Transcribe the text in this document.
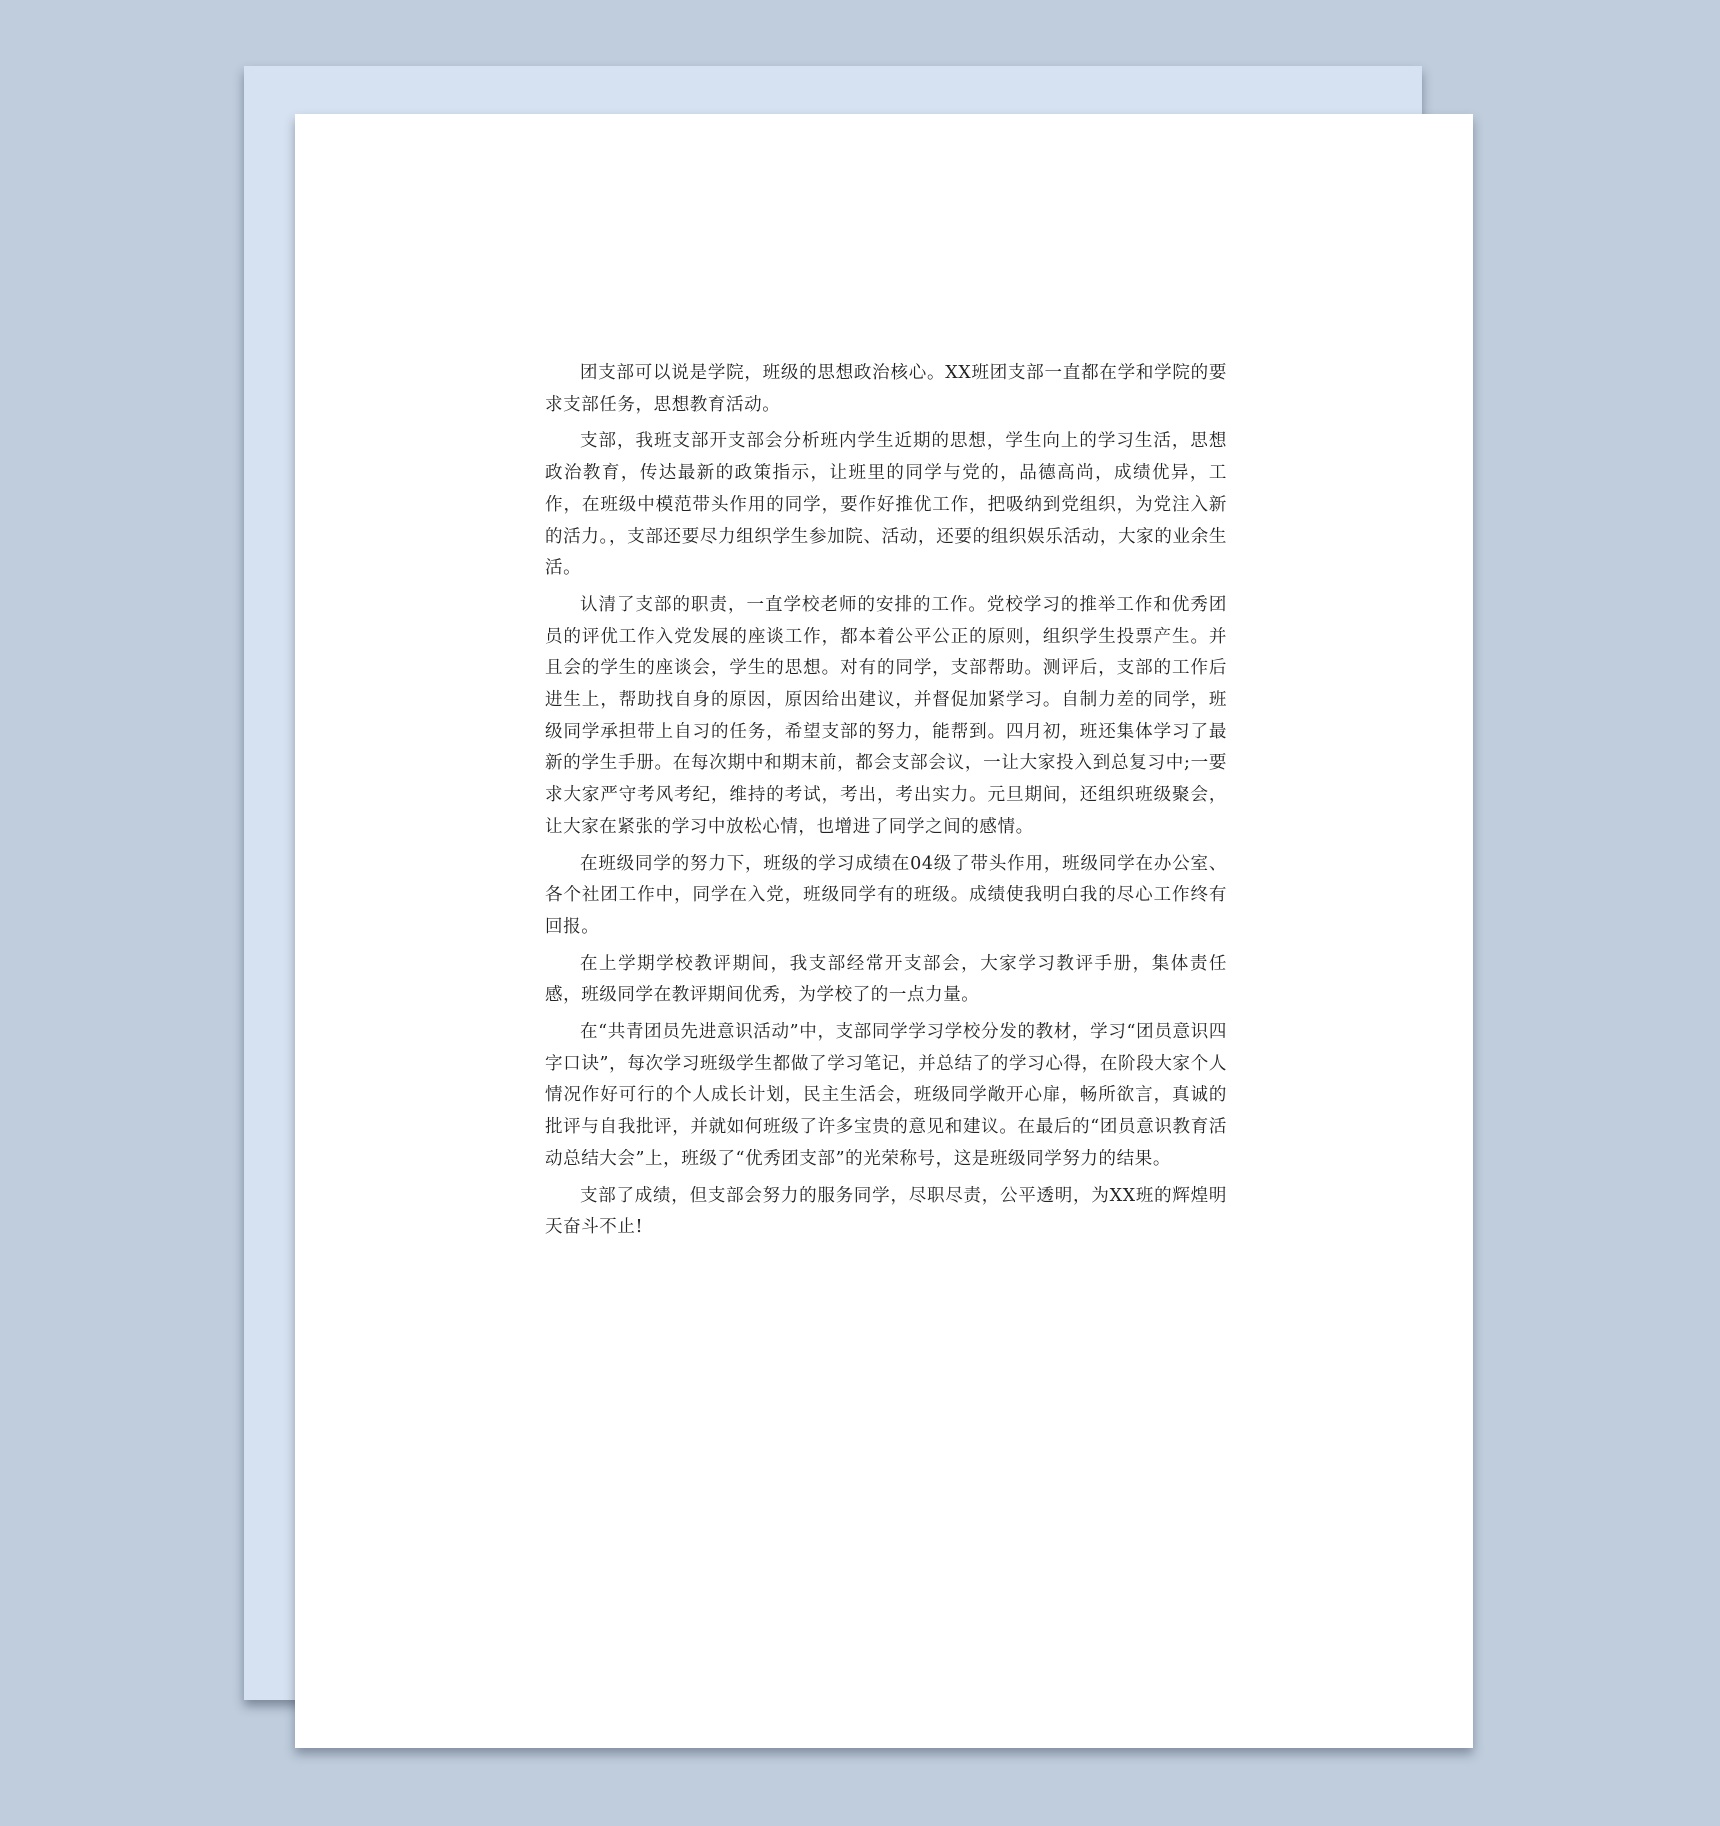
团支部可以说是学院，班级的思想政治核心。XX班团支部一直都在学和学院的要求支部任务，思想教育活动。

支部，我班支部开支部会分析班内学生近期的思想，学生向上的学习生活，思想政治教育，传达最新的政策指示，让班里的同学与党的，品德高尚，成绩优异，工作，在班级中模范带头作用的同学，要作好推优工作，把吸纳到党组织，为党注入新的活力。，支部还要尽力组织学生参加院、活动，还要的组织娱乐活动，大家的业余生活。

认清了支部的职责，一直学校老师的安排的工作。党校学习的推举工作和优秀团员的评优工作入党发展的座谈工作，都本着公平公正的原则，组织学生投票产生。并且会的学生的座谈会，学生的思想。对有的同学，支部帮助。测评后，支部的工作后进生上，帮助找自身的原因，原因给出建议，并督促加紧学习。自制力差的同学，班级同学承担带上自习的任务，希望支部的努力，能帮到。四月初，班还集体学习了最新的学生手册。在每次期中和期末前，都会支部会议，一让大家投入到总复习中;一要求大家严守考风考纪，维持的考试，考出，考出实力。元旦期间，还组织班级聚会，让大家在紧张的学习中放松心情，也增进了同学之间的感情。

在班级同学的努力下，班级的学习成绩在04级了带头作用，班级同学在办公室、各个社团工作中，同学在入党，班级同学有的班级。成绩使我明白我的尽心工作终有回报。

在上学期学校教评期间，我支部经常开支部会，大家学习教评手册，集体责任感，班级同学在教评期间优秀，为学校了的一点力量。

在“共青团员先进意识活动”中，支部同学学习学校分发的教材，学习“团员意识四字口诀”，每次学习班级学生都做了学习笔记，并总结了的学习心得，在阶段大家个人情况作好可行的个人成长计划，民主生活会，班级同学敞开心扉，畅所欲言，真诚的批评与自我批评，并就如何班级了许多宝贵的意见和建议。在最后的“团员意识教育活动总结大会”上，班级了“优秀团支部”的光荣称号，这是班级同学努力的结果。

支部了成绩，但支部会努力的服务同学，尽职尽责，公平透明，为XX班的辉煌明天奋斗不止!
